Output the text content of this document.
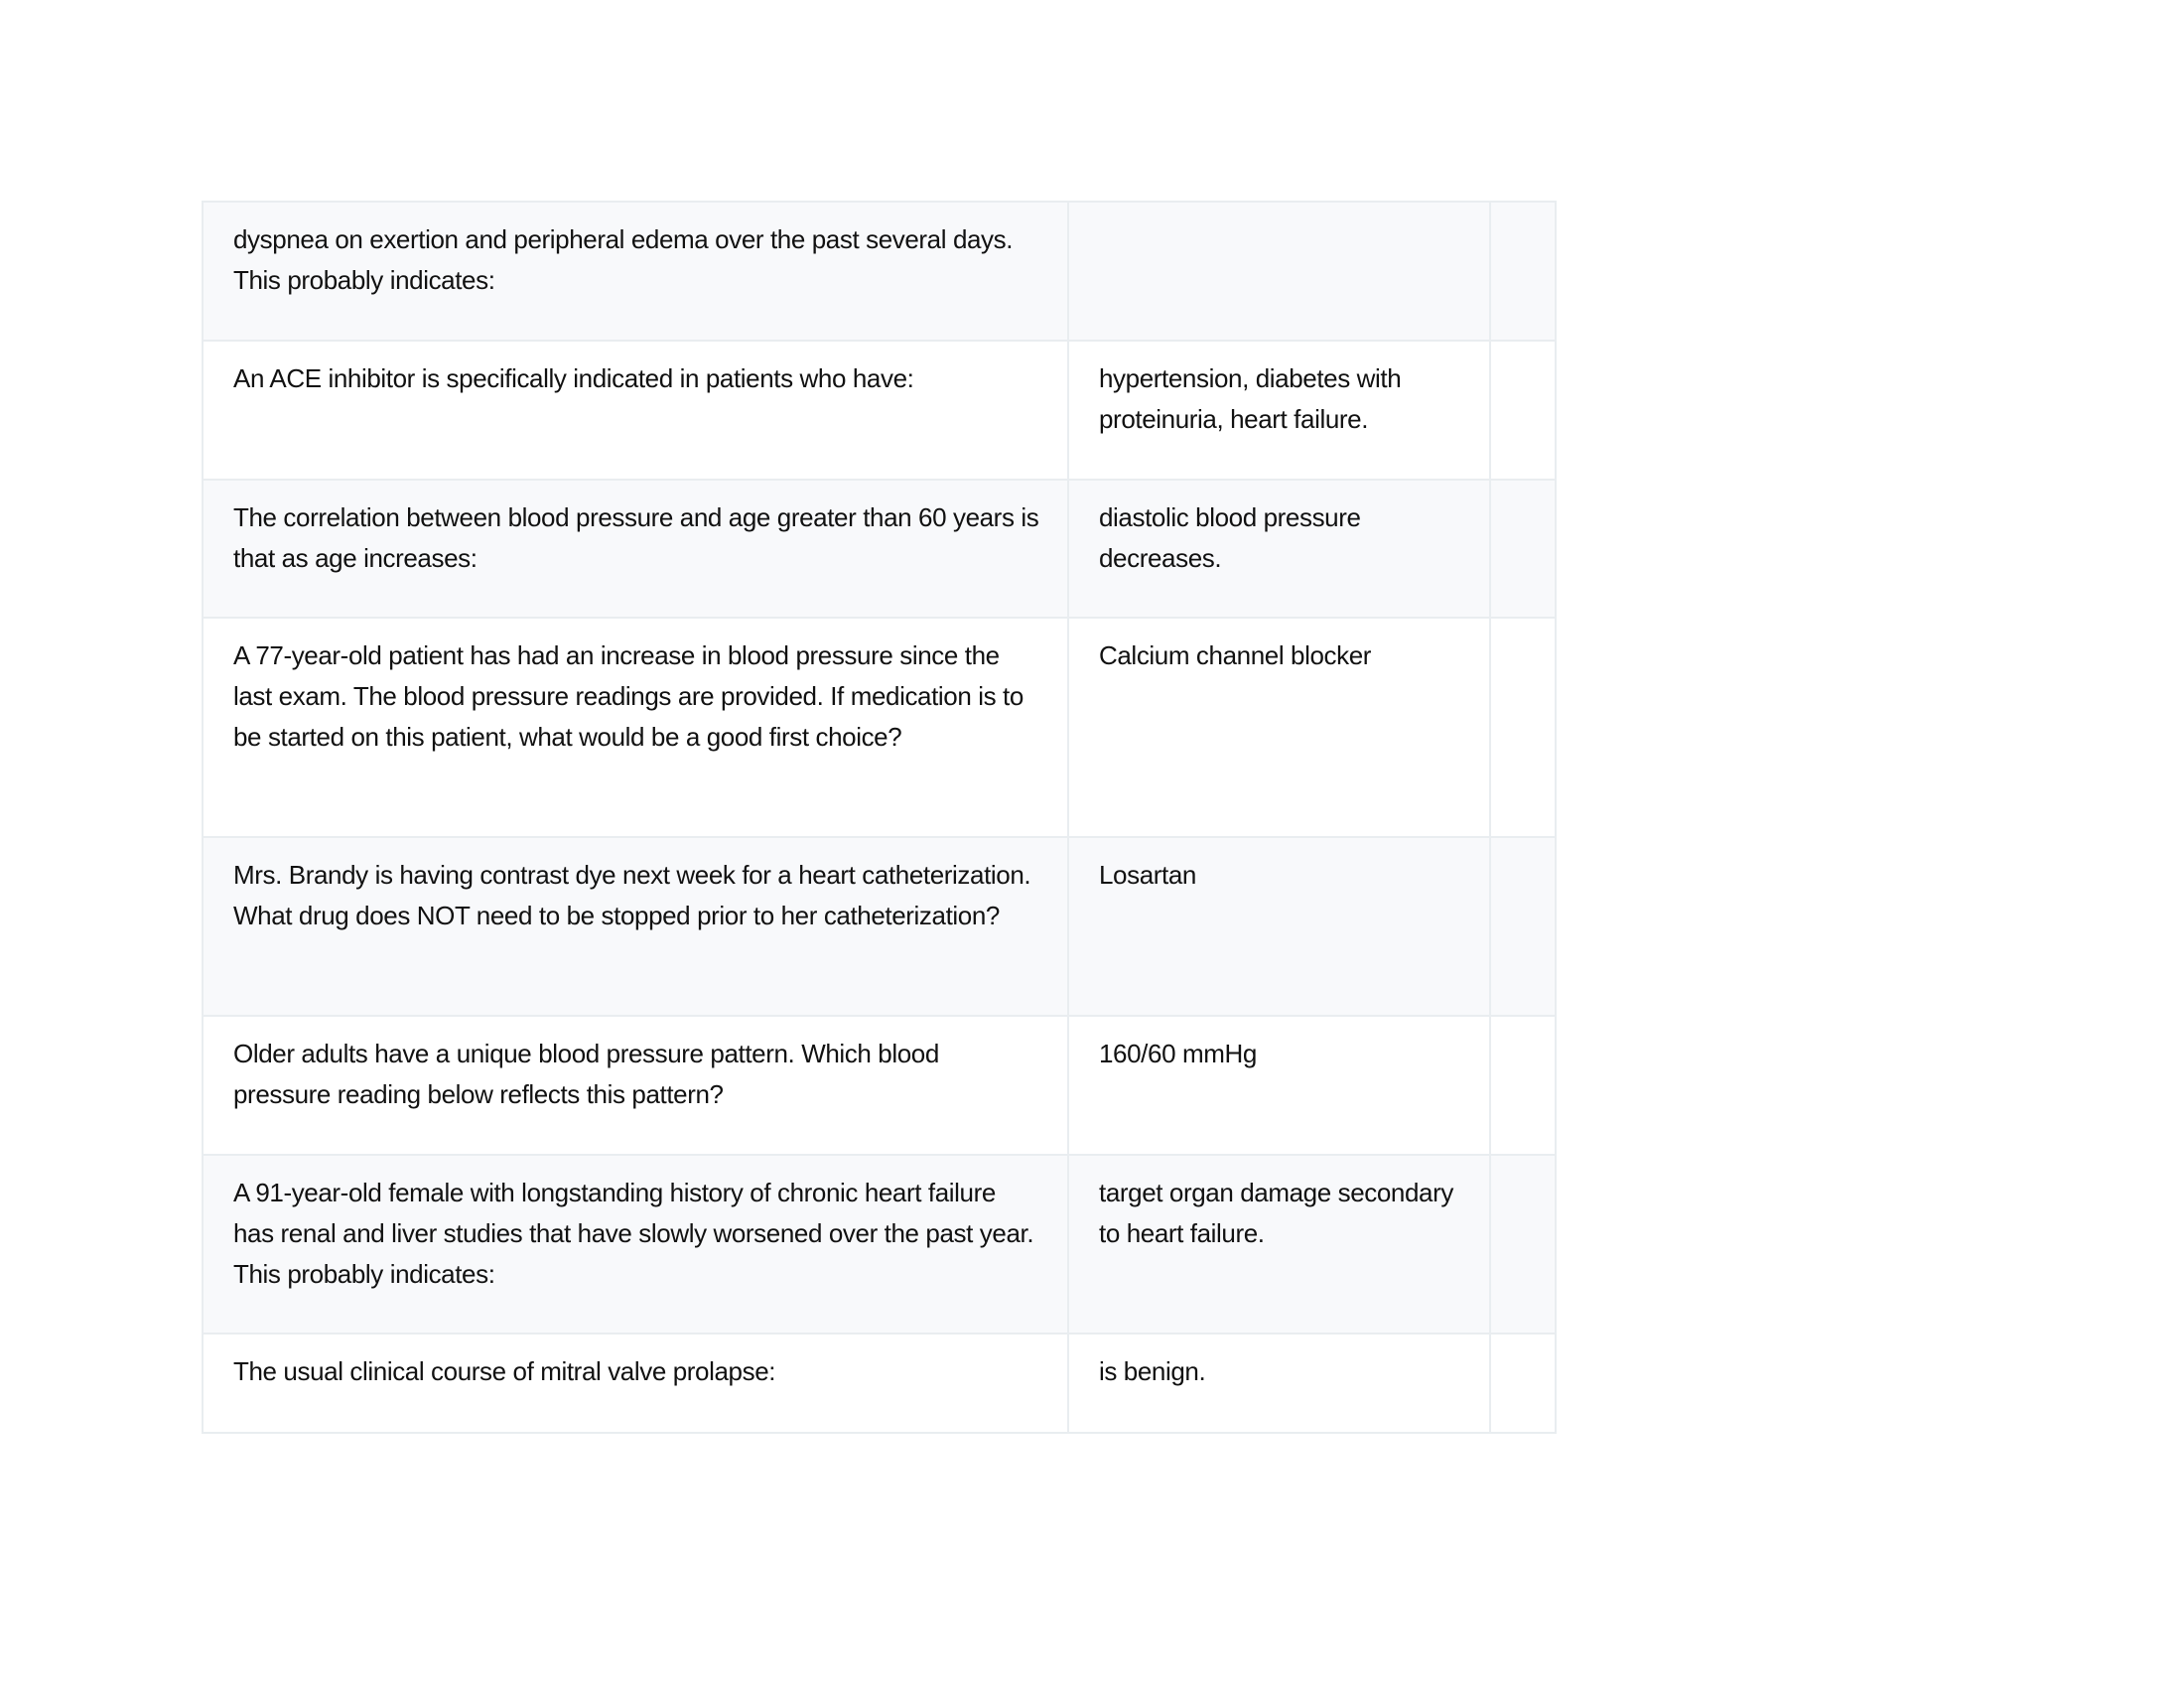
dyspnea on exertion and peripheral edema over the past several days. This probably indicates:		
An ACE inhibitor is specifically indicated in patients who have:	hypertension, diabetes with proteinuria, heart failure.	
The correlation between blood pressure and age greater than 60 years is that as age increases:	diastolic blood pressure decreases.	
A 77-year-old patient has had an increase in blood pressure since the last exam. The blood pressure readings are provided. If medication is to be started on this patient, what would be a good first choice?	Calcium channel blocker	
Mrs. Brandy is having contrast dye next week for a heart catheterization. What drug does NOT need to be stopped prior to her catheterization?	Losartan	
Older adults have a unique blood pressure pattern. Which blood pressure reading below reflects this pattern?	160/60 mmHg	
A 91-year-old female with longstanding history of chronic heart failure has renal and liver studies that have slowly worsened over the past year. This probably indicates:	target organ damage secondary to heart failure.	
The usual clinical course of mitral valve prolapse:	is benign.	
